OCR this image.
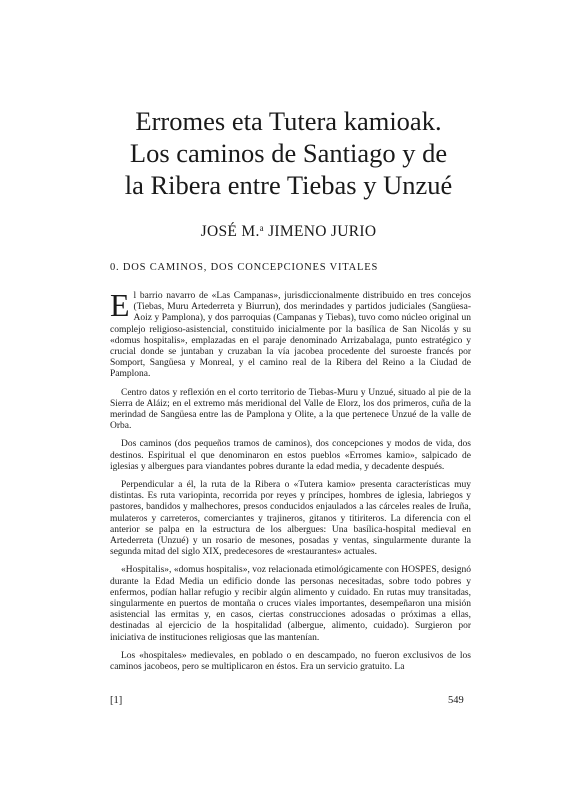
Erromes eta Tutera kamioak.
Los caminos de Santiago y de
la Ribera entre Tiebas y Unzué
JOSÉ M.$^a$ JIMENO JURIO
0. DOS CAMINOS, DOS CONCEPCIONES VITALES

El barrio navarro de «Las Campanas», jurisdiccionalmente distribuido en tres concejos (Tiebas, Muru Artederreta y Biurrun), dos merindades y partidos judiciales (Sangüesa-Aoiz y Pamplona), y dos parroquias (Campanas y Tiebas), tuvo como núcleo original un complejo religioso-asistencial, constituido inicialmente por la basílica de San Nicolás y su «domus hospitalis», emplazadas en el paraje denominado Arrizabalaga, punto estratégico y crucial donde se juntaban y cruzaban la vía jacobea procedente del suroeste francés por Somport, Sangüesa y Monreal, y el camino real de la Ribera del Reino a la Ciudad de Pamplona.

Centro datos y reflexión en el corto territorio de Tiebas-Muru y Unzué, situado al pie de la Sierra de Aláiz; en el extremo más meridional del Valle de Elorz, los dos primeros, cuña de la merindad de Sangüesa entre las de Pamplona y Olite, a la que pertenece Unzué de la valle de Orba.

Dos caminos (dos pequeños tramos de caminos), dos concepciones y modos de vida, dos destinos. Espiritual el que denominaron en estos pueblos «Erromes kamio», salpicado de iglesias y albergues para viandantes pobres durante la edad media, y decadente después.

Perpendicular a él, la ruta de la Ribera o «Tutera kamio» presenta características muy distintas. Es ruta variopinta, recorrida por reyes y príncipes, hombres de iglesia, labriegos y pastores, bandidos y malhechores, presos conducidos enjaulados a las cárceles reales de Iruña, mulateros y carreteros, comerciantes y trajineros, gitanos y titiriteros. La diferencia con el anterior se palpa en la estructura de los albergues: Una basílica-hospital medieval en Artederreta (Unzué) y un rosario de mesones, posadas y ventas, singularmente durante la segunda mitad del siglo XIX, predecesores de «restaurantes» actuales.

«Hospitalis», «domus hospitalis», voz relacionada etimológicamente con HOSPES, designó durante la Edad Media un edificio donde las personas necesitadas, sobre todo pobres y enfermos, podían hallar refugio y recibir algún alimento y cuidado. En rutas muy transitadas, singularmente en puertos de montaña o cruces viales importantes, desempeñaron una misión asistencial las ermitas y, en casos, ciertas construcciones adosadas o próximas a ellas, destinadas al ejercicio de la hospitalidad (albergue, alimento, cuidado). Surgieron por iniciativa de instituciones religiosas que las mantenían.

Los «hospitales» medievales, en poblado o en descampado, no fueron exclusivos de los caminos jacobeos, pero se multiplicaron en éstos. Era un servicio gratuito. La

[1]	549
